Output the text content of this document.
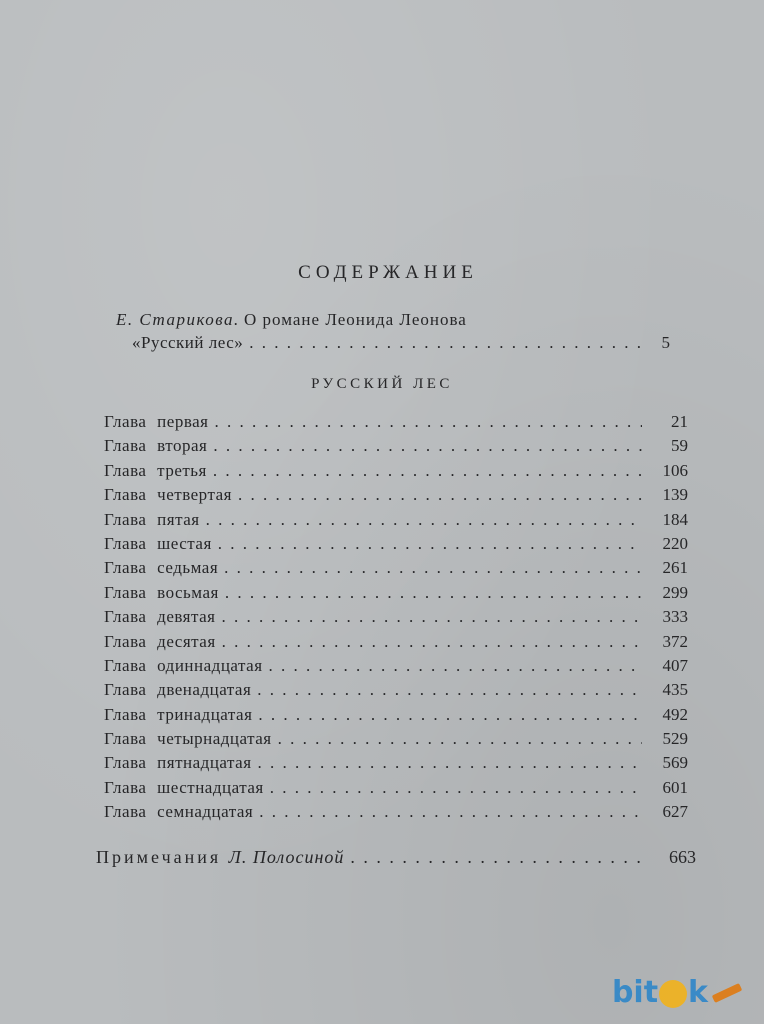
СОДЕРЖАНИЕ
Е. Старикова. О романе Леонида Леонова
«Русский лес» . . .	5
РУССКИЙ ЛЕС
Глава первая . . .	21
Глава вторая . . .	59
Глава третья . . .	106
Глава четвертая . . .	139
Глава пятая . . .	184
Глава шестая . . .	220
Глава седьмая . . .	261
Глава восьмая . . .	299
Глава девятая . . .	333
Глава десятая . . .	372
Глава одиннадцатая . . .	407
Глава двенадцатая . . .	435
Глава тринадцатая . . .	492
Глава четырнадцатая . . .	529
Глава пятнадцатая . . .	569
Глава шестнадцатая . . .	601
Глава семнадцатая . . .	627
Примечания Л. Полосиной . . .	663
bit k
